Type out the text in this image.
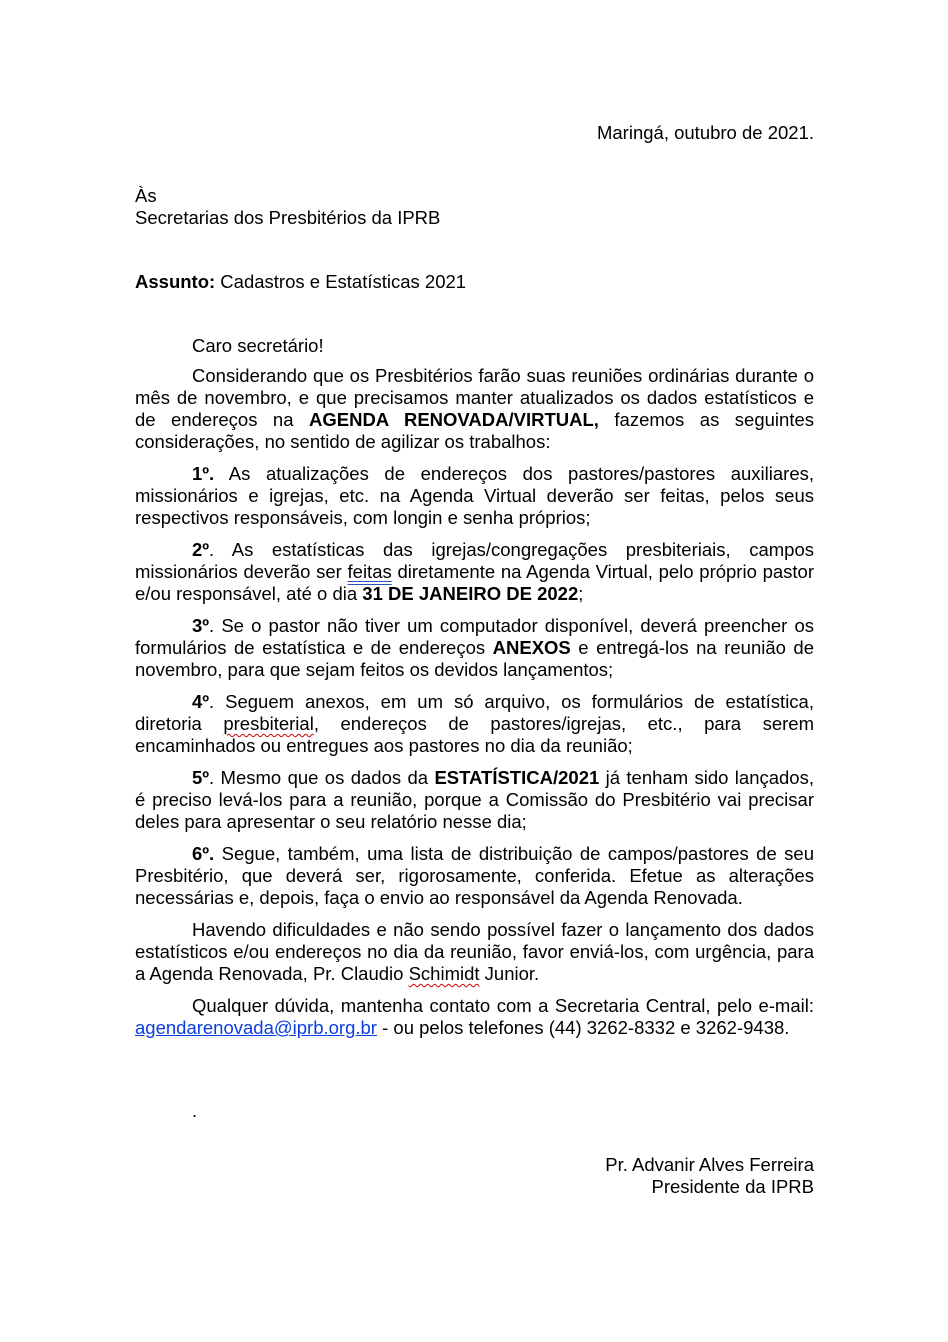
Maringá, outubro de 2021.
Às
Secretarias dos Presbitérios da IPRB
Assunto: Cadastros e Estatísticas 2021

Caro secretário!

Considerando que os Presbitérios farão suas reuniões ordinárias durante o mês de novembro, e que precisamos manter atualizados os dados estatísticos e de endereços na AGENDA RENOVADA/VIRTUAL, fazemos as seguintes considerações, no sentido de agilizar os trabalhos:

1º. As atualizações de endereços dos pastores/pastores auxiliares, missionários e igrejas, etc. na Agenda Virtual deverão ser feitas, pelos seus respectivos responsáveis, com longin e senha próprios;

2º. As estatísticas das igrejas/congregações presbiteriais, campos missionários deverão ser feitas diretamente na Agenda Virtual, pelo próprio pastor e/ou responsável, até o dia 31 DE JANEIRO DE 2022;

3º. Se o pastor não tiver um computador disponível, deverá preencher os formulários de estatística e de endereços ANEXOS e entregá-los na reunião de novembro, para que sejam feitos os devidos lançamentos;

4º. Seguem anexos, em um só arquivo, os formulários de estatística, diretoria presbiterial, endereços de pastores/igrejas, etc., para serem encaminhados ou entregues aos pastores no dia da reunião;

5º. Mesmo que os dados da ESTATÍSTICA/2021 já tenham sido lançados, é preciso levá-los para a reunião, porque a Comissão do Presbitério vai precisar deles para apresentar o seu relatório nesse dia;

6º. Segue, também, uma lista de distribuição de campos/pastores de seu Presbitério, que deverá ser, rigorosamente, conferida. Efetue as alterações necessárias e, depois, faça o envio ao responsável da Agenda Renovada.

Havendo dificuldades e não sendo possível fazer o lançamento dos dados estatísticos e/ou endereços no dia da reunião, favor enviá-los, com urgência, para a Agenda Renovada, Pr. Claudio Schimidt Junior.

Qualquer dúvida, mantenha contato com a Secretaria Central, pelo e-mail: agendarenovada@iprb.org.br - ou pelos telefones (44) 3262-8332 e 3262-9438.

.
Pr. Advanir Alves Ferreira
Presidente da IPRB
